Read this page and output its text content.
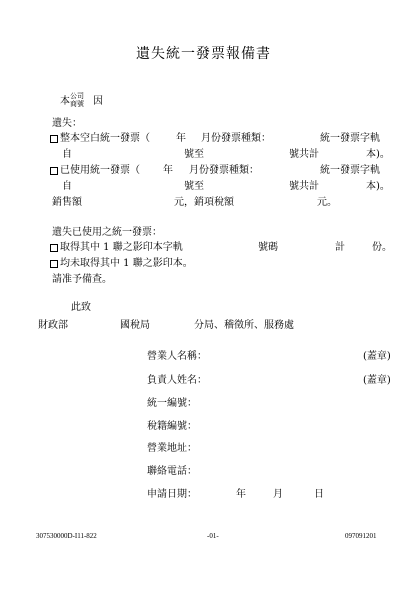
遺失統一發票報備書
本 公司
商號 因
遺失：
整本空白統一發票（	年 月份發票種類：	統一發票字軌
自	號至	號共計	本)。
已使用統一發票（ 年 月份發票種類：	統一發票字軌
自	號至	號共計	本)。
銷售額	元，銷項稅額	元。
遺失已使用之統一發票：
取得其中 1 聯之影印本字軌	號碼	計	份。
均未取得其中 1 聯之影印本。
請准予備查。
此致
財政部	國稅局	分局、稽徵所、服務處
營業人名稱：	(蓋章)
負責人姓名：	(蓋章)
統一編號：
稅籍編號：
營業地址：
聯絡電話：
申請日期：	年	月	日
307530000D-I11-822	-01-	097091201
